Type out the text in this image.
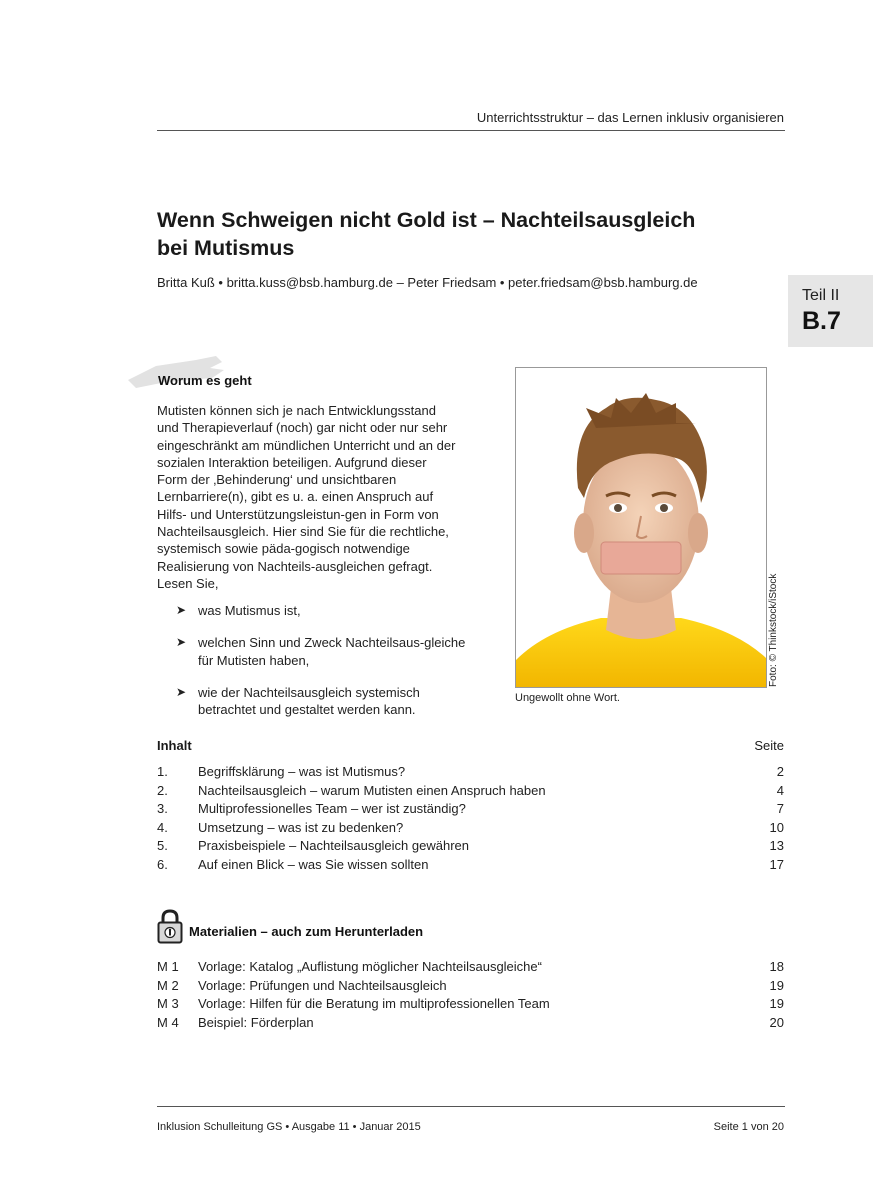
Unterrichtsstruktur – das Lernen inklusiv organisieren
Wenn Schweigen nicht Gold ist – Nachteilsausgleich
bei Mutismus
Britta Kuß • britta.kuss@bsb.hamburg.de – Peter Friedsam • peter.friedsam@bsb.hamburg.de
Teil II
B.7
Worum es geht

Mutisten können sich je nach Entwicklungsstand und Therapieverlauf (noch) gar nicht oder nur sehr eingeschränkt am mündlichen Unterricht und an der sozialen Interaktion beteiligen. Aufgrund dieser Form der ‚Behinderung‘ und unsichtbaren Lernbarriere(n), gibt es u. a. einen Anspruch auf Hilfs- und Unterstützungsleistun-gen in Form von Nachteilsausgleich. Hier sind Sie für die rechtliche, systemisch sowie päda-gogisch notwendige Realisierung von Nachteils-ausgleichen gefragt. Lesen Sie,

➤ was Mutismus ist,
➤ welchen Sinn und Zweck Nachteilsaus-gleiche für Mutisten haben,
➤ wie der Nachteilsausgleich systemisch betrachtet und gestaltet werden kann.
Foto: © Thinkstock/iStock
Ungewollt ohne Wort.
Inhalt	Seite
1. Begriffsklärung – was ist Mutismus?	2
2. Nachteilsausgleich – warum Mutisten einen Anspruch haben	4
3. Multiprofessionelles Team – wer ist zuständig?	7
4. Umsetzung – was ist zu bedenken?	10
5. Praxisbeispiele – Nachteilsausgleich gewähren	13
6. Auf einen Blick – was Sie wissen sollten	17
Materialien – auch zum Herunterladen
M 1 Vorlage: Katalog „Auflistung möglicher Nachteilsausgleiche“	18
M 2 Vorlage: Prüfungen und Nachteilsausgleich	19
M 3 Vorlage: Hilfen für die Beratung im multiprofessionellen Team	19
M 4 Beispiel: Förderplan	20
Inklusion Schulleitung GS • Ausgabe 11 • Januar 2015	Seite 1 von 20
